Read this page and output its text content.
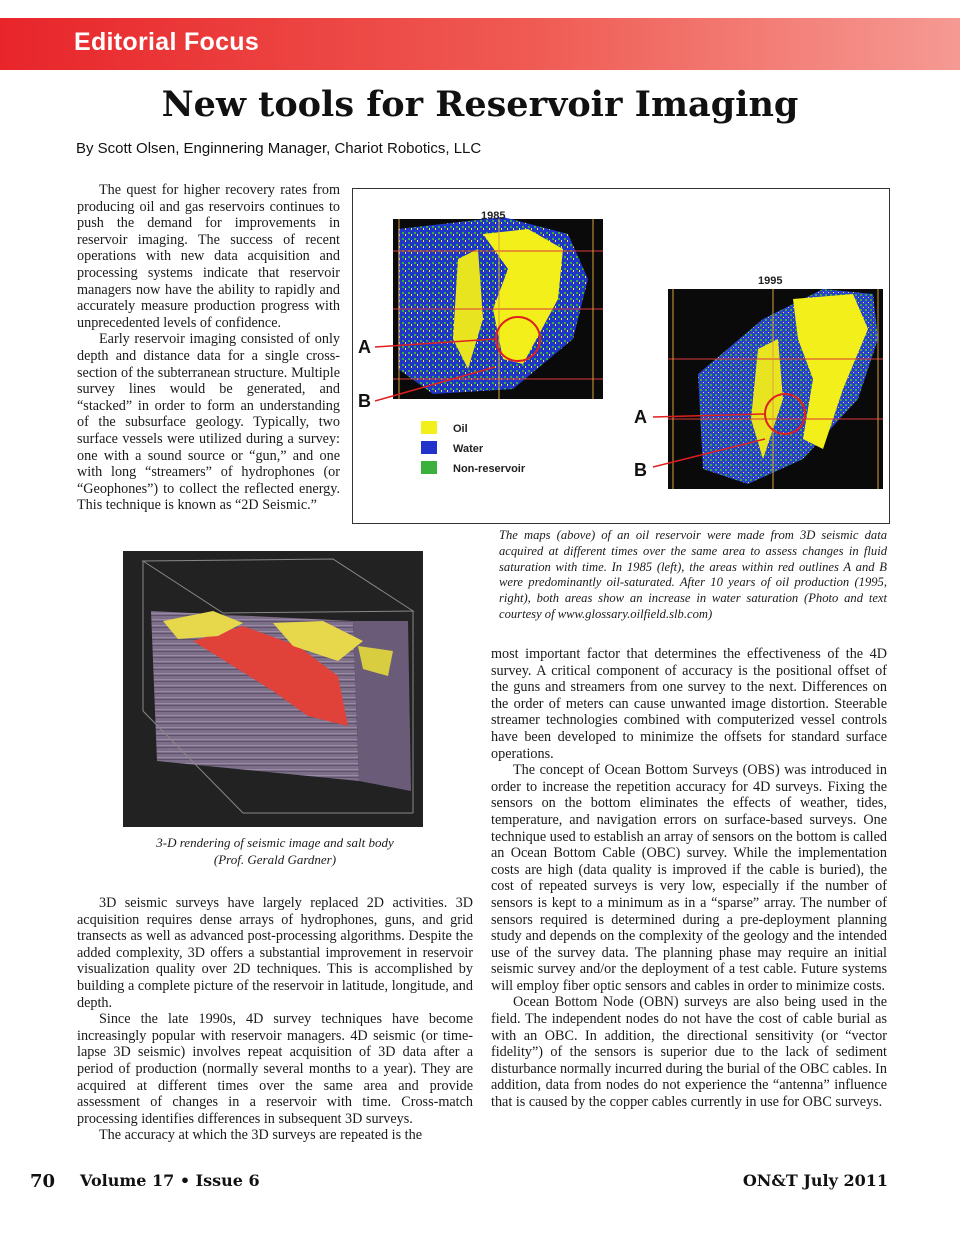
Editorial Focus
New tools for Reservoir Imaging
By Scott Olsen, Enginnering Manager, Chariot Robotics, LLC

The quest for higher recovery rates from producing oil and gas reservoirs continues to push the demand for improvements in reservoir imaging. The success of recent operations with new data acquisition and processing systems indicate that reservoir managers now have the ability to rapidly and accurately measure production progress with unprecedented levels of confidence.

Early reservoir imaging consisted of only depth and distance data for a single cross-section of the subterranean structure. Multiple survey lines would be generated, and “stacked” in order to form an understanding of the subsurface geology. Typically, two surface vessels were utilized during a survey: one with a sound source or “gun,” and one with long “streamers” of hydrophones (or “Geophones”) to collect the reflected energy. This technique is known as “2D Seismic.”

1985
A
B
Oil
Water
Non-reservoir
1995
A
B
The maps (above) of an oil reservoir were made from 3D seismic data acquired at different times over the same area to assess changes in fluid saturation with time. In 1985 (left), the areas within red outlines A and B were predominantly oil-saturated. After 10 years of oil production (1995, right), both areas show an increase in water saturation (Photo and text courtesy of www.glossary.oilfield.slb.com)
3-D rendering of seismic image and salt body
(Prof. Gerald Gardner)

3D seismic surveys have largely replaced 2D activities. 3D acquisition requires dense arrays of hydrophones, guns, and grid transects as well as advanced post-processing algorithms. Despite the added complexity, 3D offers a substantial improvement in reservoir visualization quality over 2D techniques. This is accomplished by building a complete picture of the reservoir in latitude, longitude, and depth.

Since the late 1990s, 4D survey techniques have become increasingly popular with reservoir managers. 4D seismic (or time-lapse 3D seismic) involves repeat acquisition of 3D data after a period of production (normally several months to a year). They are acquired at different times over the same area and provide assessment of changes in a reservoir with time. Cross-match processing identifies differences in subsequent 3D surveys.

The accuracy at which the 3D surveys are repeated is the

most important factor that determines the effectiveness of the 4D survey. A critical component of accuracy is the positional offset of the guns and streamers from one survey to the next. Differences on the order of meters can cause unwanted image distortion. Steerable streamer technologies combined with computerized vessel controls have been developed to minimize the offsets for standard surface operations.

The concept of Ocean Bottom Surveys (OBS) was introduced in order to increase the repetition accuracy for 4D surveys. Fixing the sensors on the bottom eliminates the effects of weather, tides, temperature, and navigation errors on surface-based surveys. One technique used to establish an array of sensors on the bottom is called an Ocean Bottom Cable (OBC) survey. While the implementation costs are high (data quality is improved if the cable is buried), the cost of repeated surveys is very low, especially if the number of sensors is kept to a minimum as in a “sparse” array. The number of sensors required is determined during a pre-deployment planning study and depends on the complexity of the geology and the intended use of the survey data. The planning phase may require an initial seismic survey and/or the deployment of a test cable. Future systems will employ fiber optic sensors and cables in order to minimize costs.

Ocean Bottom Node (OBN) surveys are also being used in the field. The independent nodes do not have the cost of cable burial as with an OBC. In addition, the directional sensitivity (or “vector fidelity”) of the sensors is superior due to the lack of sediment disturbance normally incurred during the burial of the OBC cables. In addition, data from nodes do not experience the “antenna” influence that is caused by the copper cables currently in use for OBC surveys.

70 Volume 17 • Issue 6	ON&T July 2011
